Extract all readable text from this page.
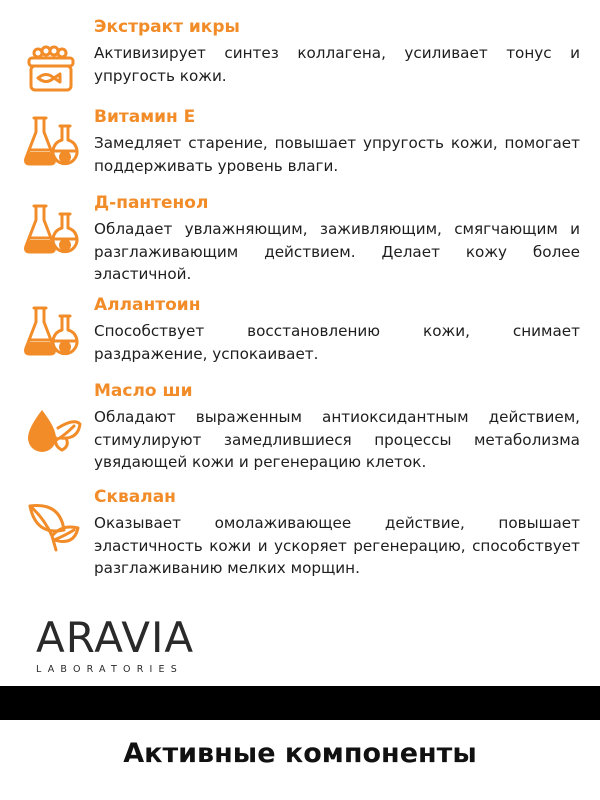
Экстракт икры
Активизирует синтез коллагена, усиливает тонус и упругость кожи.
Витамин Е
Замедляет старение, повышает упругость кожи, помогает поддерживать уровень влаги.
Д-пантенол
Обладает увлажняющим, заживляющим, смягчающим и разглаживающим действием. Делает кожу более эластичной.
Аллантоин
Способствует восстановлению кожи, снимает раздражение, успокаивает.
Масло ши
Обладают выраженным антиоксидантным действием, стимулируют замедлившиеся процессы метаболизма увядающей кожи и регенерацию клеток.
Сквалан
Оказывает омолаживающее действие, повышает эластичность кожи и ускоряет регенерацию, способствует разглаживанию мелких морщин.
ARAVIA
LABORATORIES
Активные компоненты
